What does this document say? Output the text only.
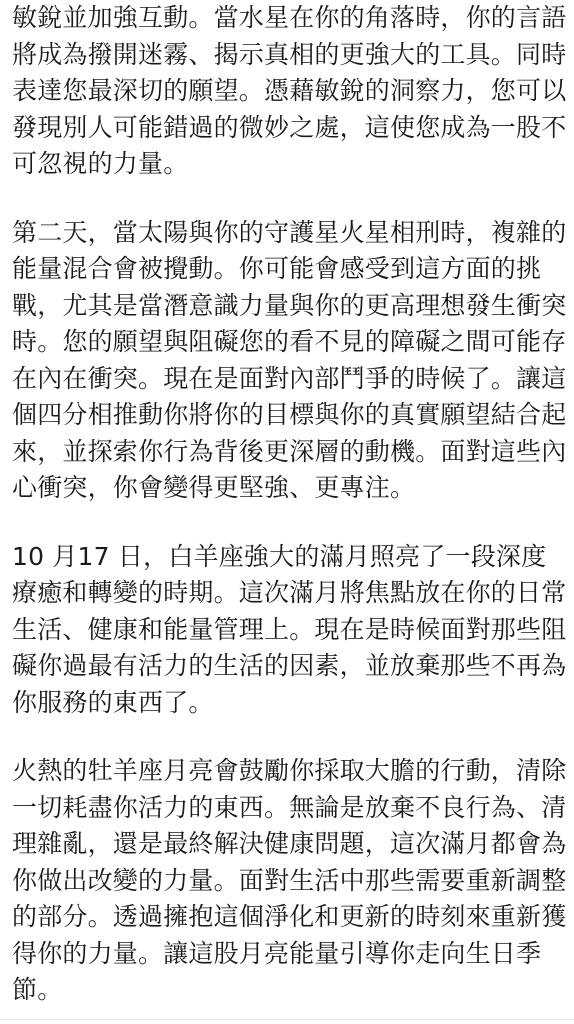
敏銳並加強互動。當水星在你的角落時，你的言語將成為撥開迷霧、揭示真相的更強大的工具。同時表達您最深切的願望。憑藉敏銳的洞察力，您可以發現別人可能錯過的微妙之處，這使您成為一股不可忽視的力量。

第二天，當太陽與你的守護星火星相刑時，複雜的能量混合會被攪動。你可能會感受到這方面的挑戰，尤其是當潛意識力量與你的更高理想發生衝突時。您的願望與阻礙您的看不見的障礙之間可能存在內在衝突。現在是面對內部鬥爭的時候了。讓這個四分相推動你將你的目標與你的真實願望結合起來，並探索你行為背後更深層的動機。面對這些內心衝突，你會變得更堅強、更專注。

10 月17 日，白羊座強大的滿月照亮了一段深度療癒和轉變的時期。這次滿月將焦點放在你的日常生活、健康和能量管理上。現在是時候面對那些阻礙你過最有活力的生活的因素，並放棄那些不再為你服務的東西了。

火熱的牡羊座月亮會鼓勵你採取大膽的行動，清除一切耗盡你活力的東西。無論是放棄不良行為、清理雜亂，還是最終解決健康問題，這次滿月都會為你做出改變的力量。面對生活中那些需要重新調整的部分。透過擁抱這個淨化和更新的時刻來重新獲得你的力量。讓這股月亮能量引導你走向生日季節。
